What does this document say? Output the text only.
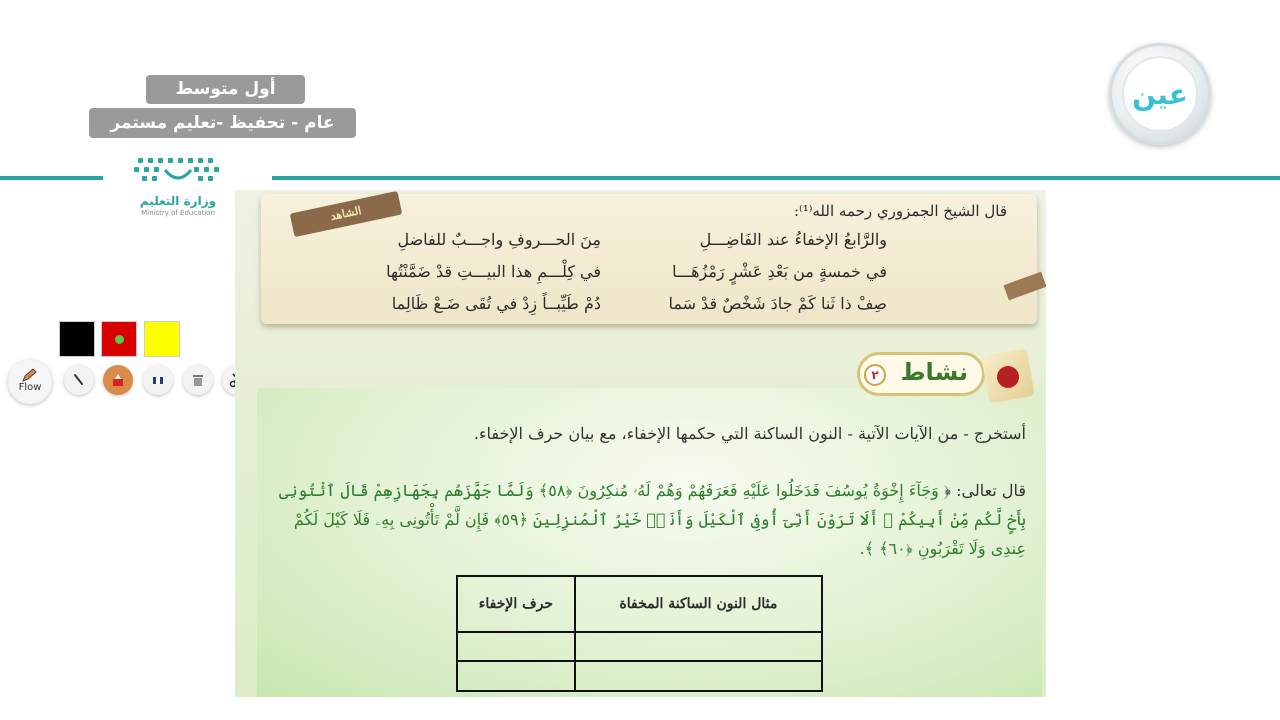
أول متوسط
عام - تحفيظ -تعليم مستمر
وزارة التعليم
Ministry of Education
عين
Flow
الشاهد	قال الشيخ الجمزوري رحمه الله⁽¹⁾:
والرَّابعُ الإخفاءُ عند الفَاضِـــلِ
مِنَ الحـــروفِ واجـــبٌ للفاضلِ
في خمسةٍ من بَعْدِ عَشْرٍ رَمْزُهَـــا
في كِلْـــمِ هذا البيـــتِ قدْ ضَمَّنْتُها
صِفْ ذا ثَنا كَمْ جادَ شَخْصٌ قدْ سَما
دُمْ طَيِّبــاً زِدْ في تُقَى ضَـعْ ظَالِما
نشاط
٢
أستخرج - من الآيات الآتية - النون الساكنة التي حكمها الإخفاء، مع بيان حرف الإخفاء.
قال تعالى: ﴿ وَجَآءَ إِخْوَةُ يُوسُفَ فَدَخَلُوا عَلَيْهِ فَعَرَفَهُمْ وَهُمْ لَهُۥ مُنكِرُونَ ﴿٥٨﴾ وَلَمَّا جَهَّزَهُم بِجَهَازِهِمْ قَالَ ٱئْتُونِى بِأَخٍ لَّكُم مِّنْ أَبِيكُمْ ۚ أَلَا تَرَوْنَ أَنِّىٓ أُوفِى ٱلْكَيْلَ وَأَنَا۠ خَيْرُ ٱلْمُنزِلِينَ ﴿٥٩﴾ فَإِن لَّمْ تَأْتُونِى بِهِۦ فَلَا كَيْلَ لَكُمْ عِندِى وَلَا تَقْرَبُونِ ﴿٦٠﴾ ﴾.
مثال النون الساكنة المخفاة	حرف الإخفاء
